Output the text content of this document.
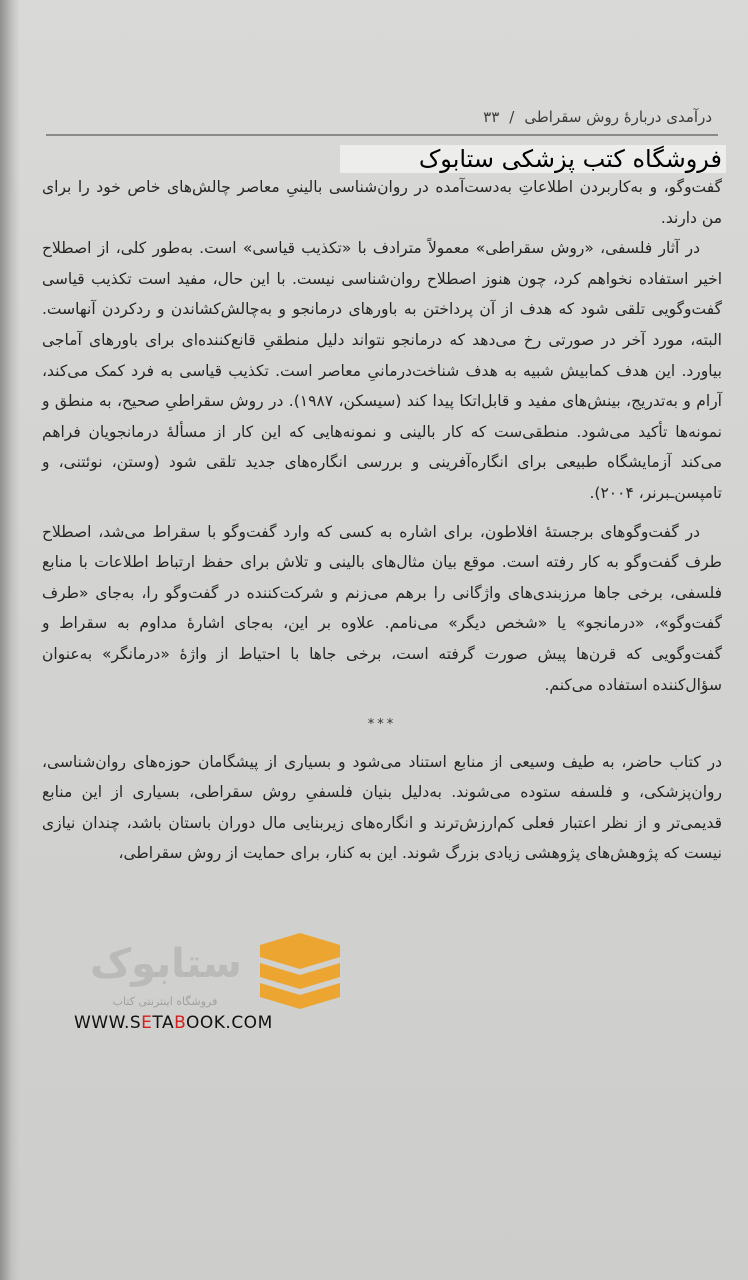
درآمدی دربارهٔ روش سقراطی
/
۳۳
فروشگاه کتب پزشکی ستابوک

گفت‌وگو، و به‌کاربردن اطلاعاتِ به‌دست‌آمده در روان‌شناسی بالینیِ معاصر چالش‌های خاص خود را برای من دارند.

در آثار فلسفی، «روش سقراطی» معمولاً مترادف با «تکذیب قیاسی» است. به‌طور کلی، از اصطلاح اخیر استفاده نخواهم کرد، چون هنوز اصطلاح روان‌شناسی نیست. با این حال، مفید است تکذیب قیاسی گفت‌وگویی تلقی شود که هدف از آن پرداختن به باورهای درمانجو و به‌چالش‌کشاندن و ردکردن آنهاست. البته، مورد آخر در صورتی رخ می‌دهد که درمانجو نتواند دلیل منطقیِ قانع‌کننده‌ای برای باورهای آماجی بیاورد. این هدف کمابیش شبیه به هدف شناخت‌درمانیِ معاصر است. تکذیب قیاسی به فرد کمک می‌کند، آرام و به‌تدریج، بینش‌های مفید و قابل‌اتکا پیدا کند (سیسکن، ۱۹۸۷). در روش سقراطیِ صحیح، به منطق و نمونه‌ها تأکید می‌شود. منطقی‌ست که کار بالینی و نمونه‌هایی که این کار از مسألهٔ درمانجویان فراهم می‌کند آزمایشگاه طبیعی برای انگاره‌آفرینی و بررسی انگاره‌های جدید تلقی شود (وستن، نوئتنی، و تامپسن‌ـبرنر، ۲۰۰۴).

در گفت‌وگوهای برجستهٔ افلاطون، برای اشاره به کسی که وارد گفت‌وگو با سقراط می‌شد، اصطلاح طرف گفت‌وگو به کار رفته است. موقع بیان مثال‌های بالینی و تلاش برای حفظ ارتباط اطلاعات با منابع فلسفی، برخی جاها مرزبندی‌های واژگانی را برهم می‌زنم و شرکت‌کننده در گفت‌وگو را، به‌جای «طرف گفت‌وگو»، «درمانجو» یا «شخص دیگر» می‌نامم. علاوه بر این، به‌جای اشارهٔ مداوم به سقراط و گفت‌وگویی که قرن‌ها پیش صورت گرفته است، برخی جاها با احتیاط از واژهٔ «درمانگر» به‌عنوان سؤال‌کننده استفاده می‌کنم.

***

در کتاب حاضر، به طیف وسیعی از منابع استناد می‌شود و بسیاری از پیشگامان حوزه‌های روان‌شناسی، روان‌پزشکی، و فلسفه ستوده می‌شوند. به‌دلیل بنیان فلسفیِ روش سقراطی، بسیاری از این منابع قدیمی‌تر و از نظر اعتبار فعلی کم‌ارزش‌ترند و انگاره‌های زیربنایی مال دوران باستان باشد، چندان نیازی نیست که پژوهش‌های پژوهشی زیادی بزرگ شوند. این به کنار، برای حمایت از روش سقراطی،

ستابوک
فروشگاه اینترنتی کتاب
WWW.SETABOOK.COM
